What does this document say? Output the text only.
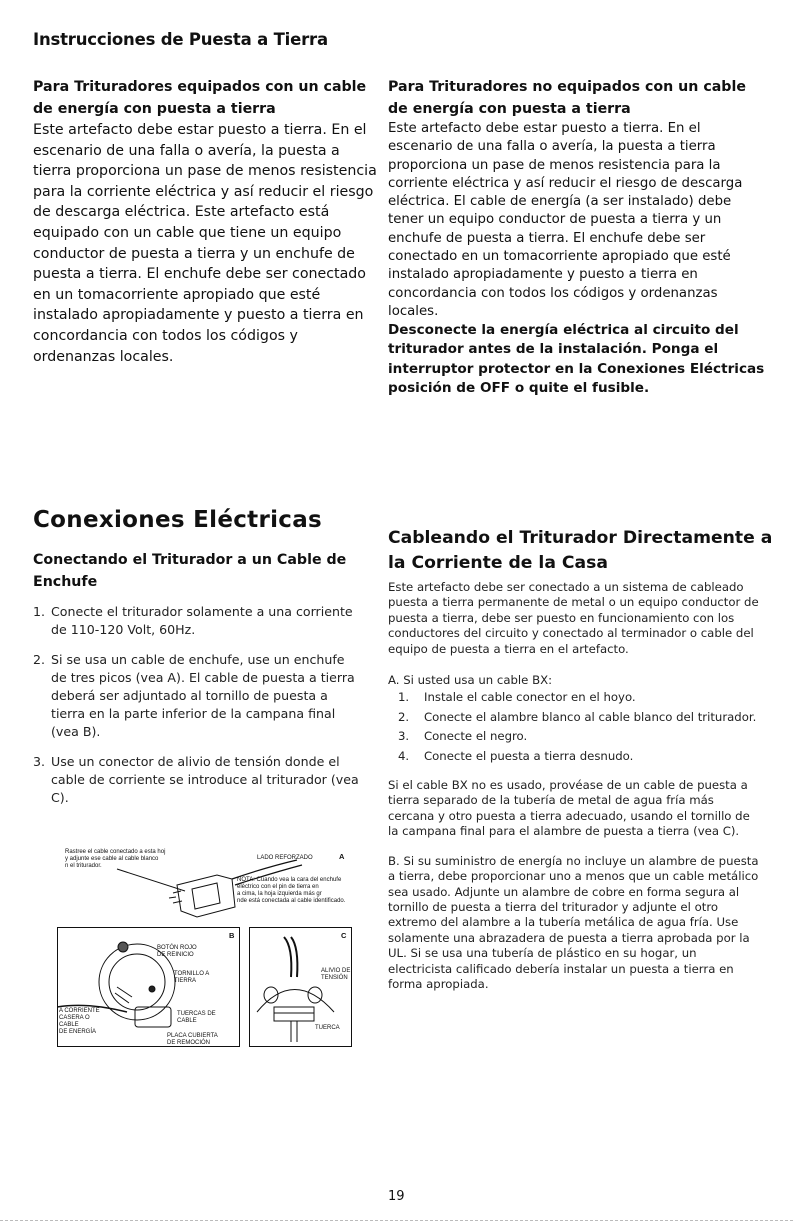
Instrucciones de Puesta a Tierra

Para Trituradores equipados con un cable de energía con puesta a tierra

Este artefacto debe estar puesto a tierra. En el escenario de una falla o avería, la puesta a tierra proporciona un pase de menos resistencia para la corriente eléctrica y así reducir el riesgo de descarga eléctrica. Este artefacto está equipado con un cable que tiene un equipo conductor de puesta a tierra y un enchufe de puesta a tierra. El enchufe debe ser conectado en un tomacorriente apropiado que esté instalado apropiadamente y puesto a tierra en concordancia con todos los códigos y ordenanzas locales.

Para Trituradores no equipados con un cable de energía con puesta a tierra

Este artefacto debe estar puesto a tierra. En el escenario de una falla o avería, la puesta a tierra proporciona un pase de menos resistencia para la corriente eléctrica y así reducir el riesgo de descarga eléctrica. El cable de energía (a ser instalado) debe tener un equipo conductor de puesta a tierra y un enchufe de puesta a tierra. El enchufe debe ser conectado en un tomacorriente apropiado que esté instalado apropiadamente y puesto a tierra en concordancia con todos los códigos y ordenanzas locales.

Desconecte la energía eléctrica al circuito del triturador antes de la instalación. Ponga el interruptor protector en la Conexiones Eléctricas posición de OFF o quite el fusible.

Conexiones Eléctricas

Conectando el Triturador a un Cable de Enchufe

1. Conecte el triturador solamente a una corriente de 110-120 Volt, 60Hz.
2. Si se usa un cable de enchufe, use un enchufe de tres picos (vea A). El cable de puesta a tierra deberá ser adjuntado al tornillo de puesta a tierra en la parte inferior de la campana final (vea B).
3. Use un conector de alivio de tensión donde el cable de corriente se introduce al triturador (vea C).
Rastree el cable conectado a esta hoj
y adjunte ese cable al cable blanco
n el triturador.
LADO REFORZADO	A
NOTA: Cuando vea la cara del enchufe
eléctrico con el pin de tierra en
a cima, la hoja izquierda más gr
nde está conectada al cable identificado.
B
BOTÓN ROJO
DE REINICIO
TORNILLO A
TIERRA
A CORRIENTE
CASERA O
CABLE
DE ENERGÍA
TUERCAS DE
CABLE
PLACA CUBIERTA
DE REMOCIÓN
C
ALIVIO DE
TENSIÓN
TUERCA

Cableando el Triturador Directamente a la Corriente de la Casa

Este artefacto debe ser conectado a un sistema de cableado puesta a tierra permanente de metal o un equipo conductor de puesta a tierra, debe ser puesto en funcionamiento con los conductores del circuito y conectado al terminador o cable del equipo de puesta a tierra en el artefacto.

A. Si usted usa un cable BX:

1. Instale el cable conector en el hoyo.
2. Conecte el alambre blanco al cable blanco del triturador.
3. Conecte el negro.
4. Conecte el puesta a tierra desnudo.

Si el cable BX no es usado, provéase de un cable de puesta a tierra separado de la tubería de metal de agua fría más cercana y otro puesta a tierra adecuado, usando el tornillo de la campana final para el alambre de puesta a tierra (vea C).

B. Si su suministro de energía no incluye un alambre de puesta a tierra, debe proporcionar uno a menos que un cable metálico sea usado. Adjunte un alambre de cobre en forma segura al tornillo de puesta a tierra del triturador y adjunte el otro extremo del alambre a la tubería metálica de agua fría. Use solamente una abrazadera de puesta a tierra aprobada por la UL. Si se usa una tubería de plástico en su hogar, un electricista calificado debería instalar un puesta a tierra en forma apropiada.

19
